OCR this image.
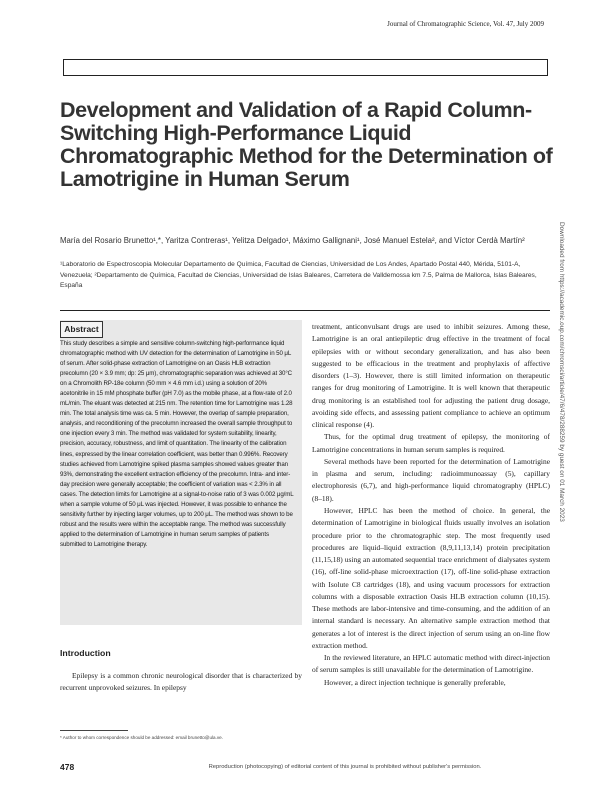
Journal of Chromatographic Science, Vol. 47, July 2009
Development and Validation of a Rapid Column-Switching High-Performance Liquid Chromatographic Method for the Determination of Lamotrigine in Human Serum
María del Rosario Brunetto¹,*, Yaritza Contreras¹, Yelitza Delgado¹, Máximo Gallignani¹, José Manuel Estela², and Víctor Cerdà Martín²
¹Laboratorio de Espectroscopia Molecular Departamento de Química, Facultad de Ciencias, Universidad de Los Andes, Apartado Postal 440, Mérida, 5101-A, Venezuela; ²Departamento de Química, Facultad de Ciencias, Universidad de Islas Baleares, Carretera de Valldemossa km 7.5, Palma de Mallorca, Islas Baleares, España	Downloaded from https://academic.oup.com/chromsci/article/47/6/478/288259 by guest on 01 March 2023
Abstract
This study describes a simple and sensitive column-switching high-performance liquid chromatographic method with UV detection for the determination of Lamotrigine in 50 μL of serum. After solid-phase extraction of Lamotrigine on an Oasis HLB extraction precolumn (20 × 3.9 mm; dp: 25 μm), chromatographic separation was achieved at 30°C on a Chromolith RP-18e column (50 mm × 4.6 mm i.d.) using a solution of 20% acetonitrile in 15 mM phosphate buffer (pH 7.0) as the mobile phase, at a flow-rate of 2.0 mL/min. The eluant was detected at 215 nm. The retention time for Lamotrigine was 1.28 min. The total analysis time was ca. 5 min. However, the overlap of sample preparation, analysis, and reconditioning of the precolumn increased the overall sample throughput to one injection every 3 min. The method was validated for system suitability, linearity, precision, accuracy, robustness, and limit of quantitation. The linearity of the calibration lines, expressed by the linear correlation coefficient, was better than 0.996%. Recovery studies achieved from Lamotrigine spiked plasma samples showed values greater than 93%, demonstrating the excellent extraction efficiency of the precolumn. Intra- and inter-day precision were generally acceptable; the coefficient of variation was < 2.3% in all cases. The detection limits for Lamotrigine at a signal-to-noise ratio of 3 was 0.002 μg/mL when a sample volume of 50 μL was injected. However, it was possible to enhance the sensitivity further by injecting larger volumes, up to 200 μL. The method was shown to be robust and the results were within the acceptable range. The method was successfully applied to the determination of Lamotrigine in human serum samples of patients submitted to Lamotrigine therapy.
Introduction

Epilepsy is a common chronic neurological disorder that is characterized by recurrent unprovoked seizures. In epilepsy

* Author to whom correspondence should be addressed: email brunetto@ula.ve.

treatment, anticonvulsant drugs are used to inhibit seizures. Among these, Lamotrigine is an oral antiepileptic drug effective in the treatment of focal epilepsies with or without secondary generalization, and has also been suggested to be efficacious in the treatment and prophylaxis of affective disorders (1–3). However, there is still limited information on therapeutic ranges for drug monitoring of Lamotrigine. It is well known that therapeutic drug monitoring is an established tool for adjusting the patient drug dosage, avoiding side effects, and assessing patient compliance to achieve an optimum clinical response (4).

Thus, for the optimal drug treatment of epilepsy, the monitoring of Lamotrigine concentrations in human serum samples is required.

Several methods have been reported for the determination of Lamotrigine in plasma and serum, including: radioimmunoassay (5), capillary electrophoresis (6,7), and high-performance liquid chromatography (HPLC) (8–18).

However, HPLC has been the method of choice. In general, the determination of Lamotrigine in biological fluids usually involves an isolation procedure prior to the chromatographic step. The most frequently used procedures are liquid–liquid extraction (8,9,11,13,14) protein precipitation (11,15,18) using an automated sequential trace enrichment of dialysates system (16), off-line solid-phase microextraction (17), off-line solid-phase extraction with Isolute C8 cartridges (18), and using vacuum processors for extraction columns with a disposable extraction Oasis HLB extraction column (10,15). These methods are labor-intensive and time-consuming, and the addition of an internal standard is necessary. An alternative sample extraction method that generates a lot of interest is the direct injection of serum using an on-line flow extraction method.

In the reviewed literature, an HPLC automatic method with direct-injection of serum samples is still unavailable for the determination of Lamotrigine.

However, a direct injection technique is generally preferable,

478	Reproduction (photocopying) of editorial content of this journal is prohibited without publisher's permission.
